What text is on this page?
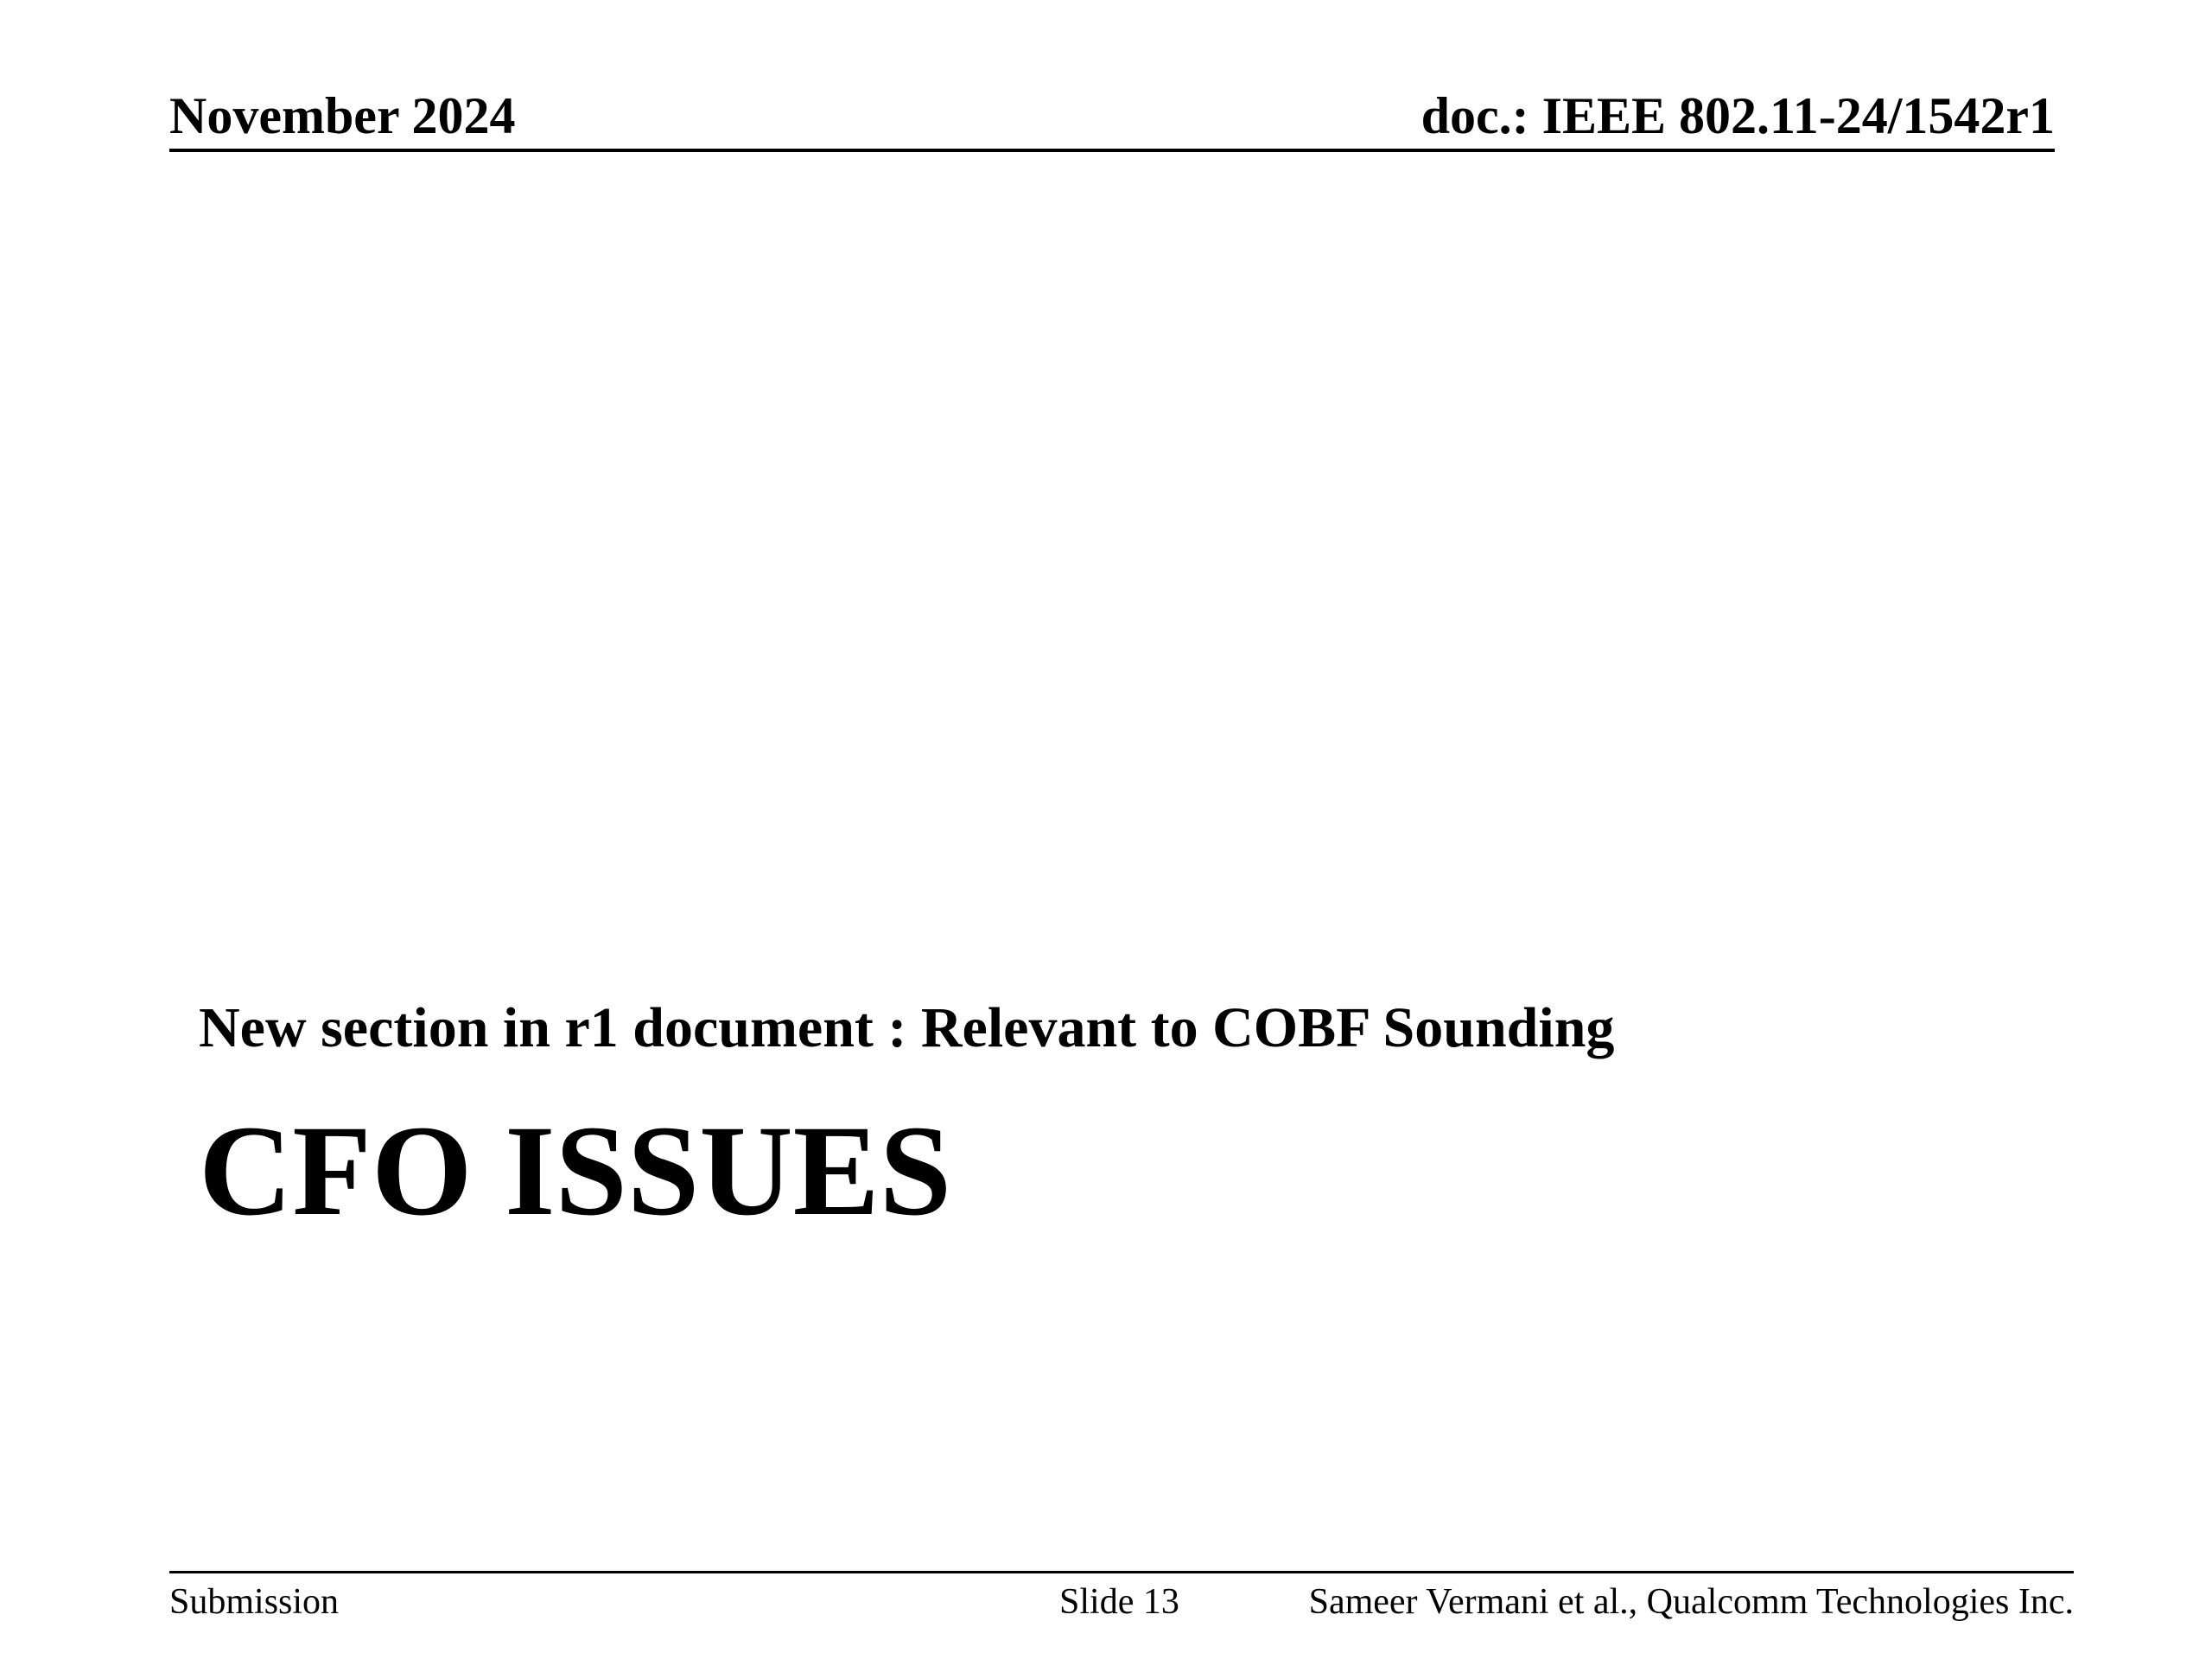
November 2024	doc.: IEEE 802.11-24/1542r1
New section in r1 document : Relevant to COBF Sounding
CFO ISSUES
Submission	Slide 13	Sameer Vermani et al., Qualcomm Technologies Inc.
